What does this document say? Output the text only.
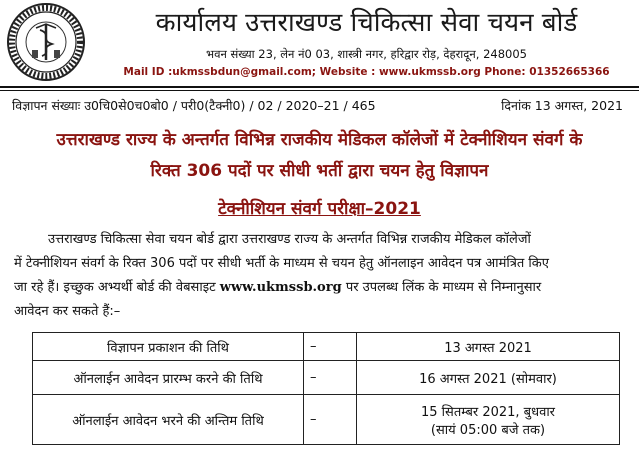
कार्यालय उत्तराखण्ड चिकित्सा सेवा चयन बोर्ड
भवन संख्या 23, लेन नं0 03, शास्त्री नगर, हरिद्वार रोड़, देहरादून, 248005
Mail ID :ukmssbdun@gmail.com; Website : www.ukmssb.org Phone: 01352665366
विज्ञापन संख्याः उ0चि0से0च0बो0 / परी0(टैक्नी0) / 02 / 2020–21 / 465	दिनांक 13 अगस्त, 2021
उत्तराखण्ड राज्य के अन्तर्गत विभिन्न राजकीय मेडिकल कॉलेजों में टेक्नीशियन संवर्ग के
रिक्त 306 पदों पर सीधी भर्ती द्वारा चयन हेतु विज्ञापन
टेक्नीशियन संवर्ग परीक्षा–2021
उत्तराखण्ड चिकित्सा सेवा चयन बोर्ड द्वारा उत्तराखण्ड राज्य के अन्तर्गत विभिन्न राजकीय मेडिकल कॉलेजों
में टेक्नीशियन संवर्ग के रिक्त 306 पदों पर सीधी भर्ती के माध्यम से चयन हेतु ऑनलाइन आवेदन पत्र आमंत्रित किए
जा रहे हैं। इच्छुक अभ्यर्थी बोर्ड की वेबसाइट www.ukmssb.org पर उपलब्ध लिंक के माध्यम से निम्नानुसार
आवेदन कर सकते हैं:–
विज्ञापन प्रकाशन की तिथि	–	13 अगस्त 2021
ऑनलाईन आवेदन प्रारम्भ करने की तिथि	–	16 अगस्त 2021 (सोमवार)
ऑनलाईन आवेदन भरने की अन्तिम तिथि	–	15 सितम्बर 2021, बुधवार
(सायं 05:00 बजे तक)
